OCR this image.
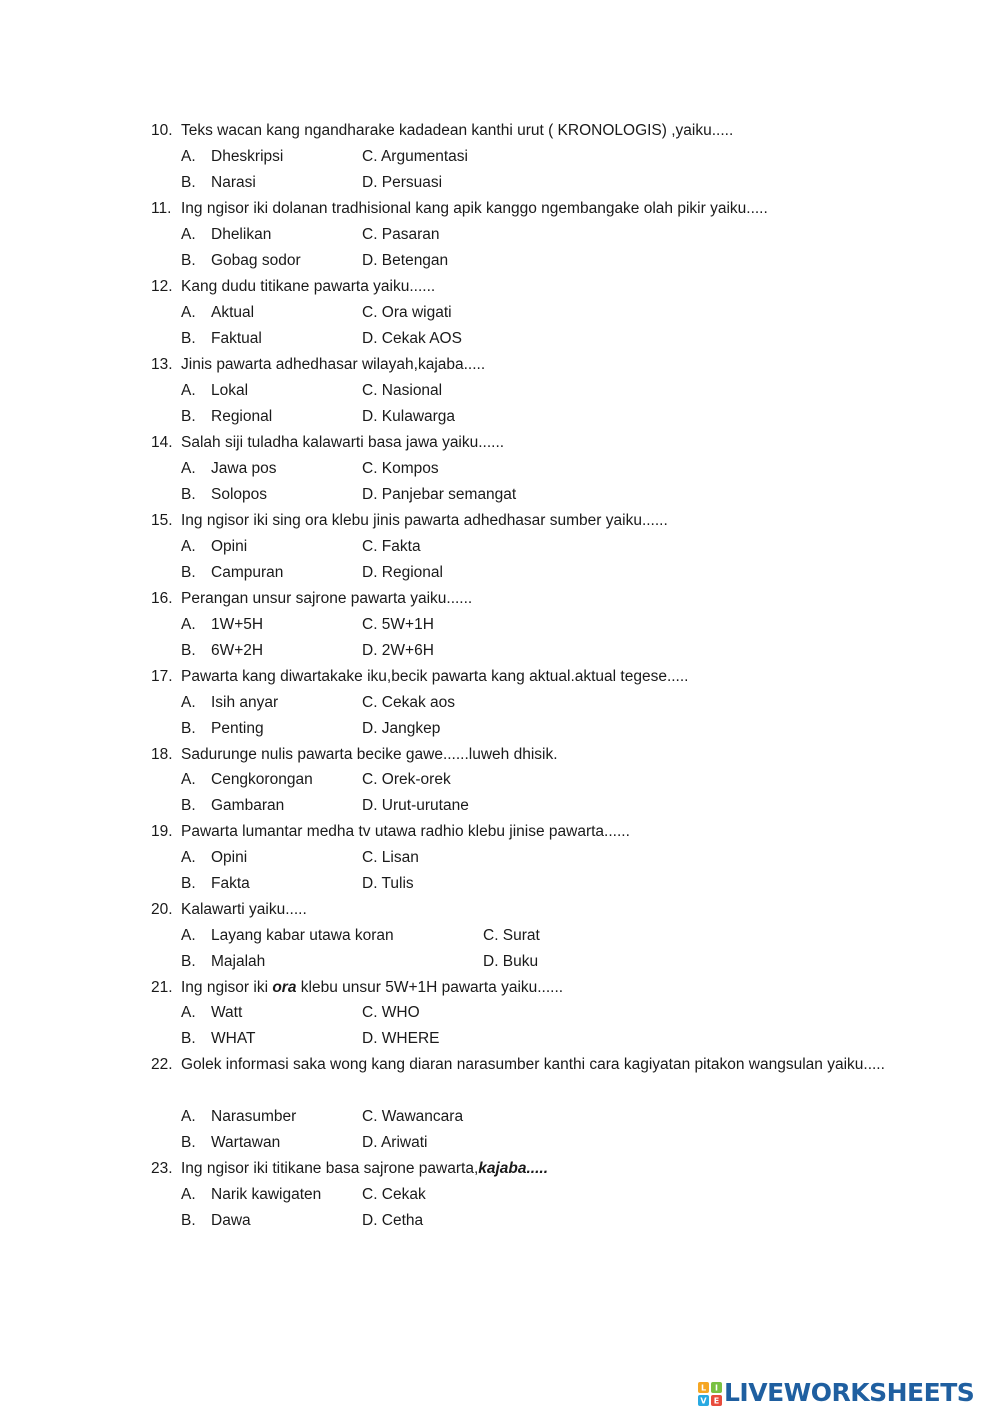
10. Teks wacan kang ngandharake kadadean kanthi urut ( KRONOLOGIS) ,yaiku.....
A. Dheskripsi	C. Argumentasi
B. Narasi	D. Persuasi
11. Ing ngisor iki dolanan tradhisional kang apik kanggo ngembangake olah pikir yaiku.....
A. Dhelikan	C. Pasaran
B. Gobag sodor	D. Betengan
12. Kang dudu titikane pawarta yaiku......
A. Aktual	C. Ora wigati
B. Faktual	D. Cekak AOS
13. Jinis pawarta adhedhasar wilayah,kajaba.....
A. Lokal	C. Nasional
B. Regional	D. Kulawarga
14. Salah siji tuladha kalawarti basa jawa yaiku......
A. Jawa pos	C. Kompos
B. Solopos	D. Panjebar semangat
15. Ing ngisor iki sing ora klebu jinis pawarta adhedhasar sumber yaiku......
A. Opini	C. Fakta
B. Campuran	D. Regional
16. Perangan unsur sajrone pawarta yaiku......
A. 1W+5H	C. 5W+1H
B. 6W+2H	D. 2W+6H
17. Pawarta kang diwartakake iku,becik pawarta kang aktual.aktual tegese.....
A. Isih anyar	C. Cekak aos
B. Penting	D. Jangkep
18. Sadurunge nulis pawarta becike gawe......luweh dhisik.
A. Cengkorongan	C. Orek-orek
B. Gambaran	D. Urut-urutane
19. Pawarta lumantar medha tv utawa radhio klebu jinise pawarta......
A. Opini	C. Lisan
B. Fakta	D. Tulis
20. Kalawarti yaiku.....
A. Layang kabar utawa koran	C. Surat
B. Majalah	D. Buku
21. Ing ngisor iki ora klebu unsur 5W+1H pawarta yaiku......
A. Watt	C. WHO
B. WHAT	D. WHERE
22. Golek informasi saka wong kang diaran narasumber kanthi cara kagiyatan pitakon wangsulan yaiku.....
A. Narasumber	C. Wawancara
B. Wartawan	D. Ariwati
23. Ing ngisor iki titikane basa sajrone pawarta,kajaba.....
A. Narik kawigaten	C. Cekak
B. Dawa	D. Cetha
L I
V E LIVEWORKSHEETS
